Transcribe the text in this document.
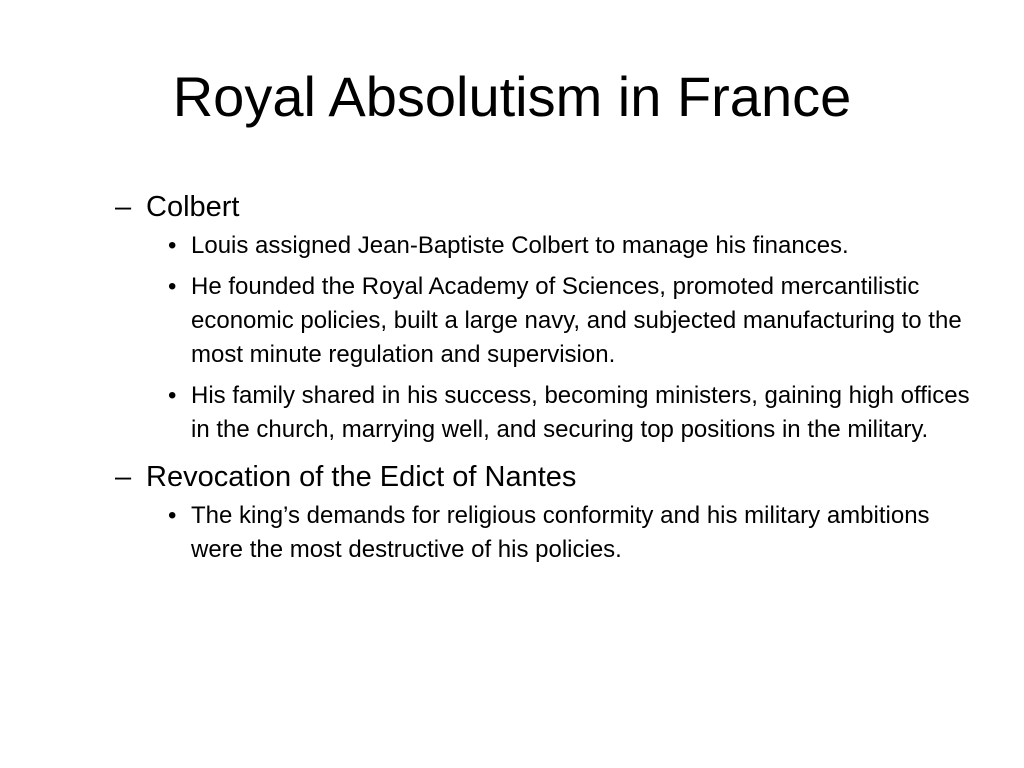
Royal Absolutism in France
– Colbert
• Louis assigned Jean-Baptiste Colbert to manage his finances.
• He founded the Royal Academy of Sciences, promoted mercantilistic economic policies, built a large navy, and subjected manufacturing to the most minute regulation and supervision.
• His family shared in his success, becoming ministers, gaining high offices in the church, marrying well, and securing top positions in the military.
– Revocation of the Edict of Nantes
• The king’s demands for religious conformity and his military ambitions were the most destructive of his policies.
